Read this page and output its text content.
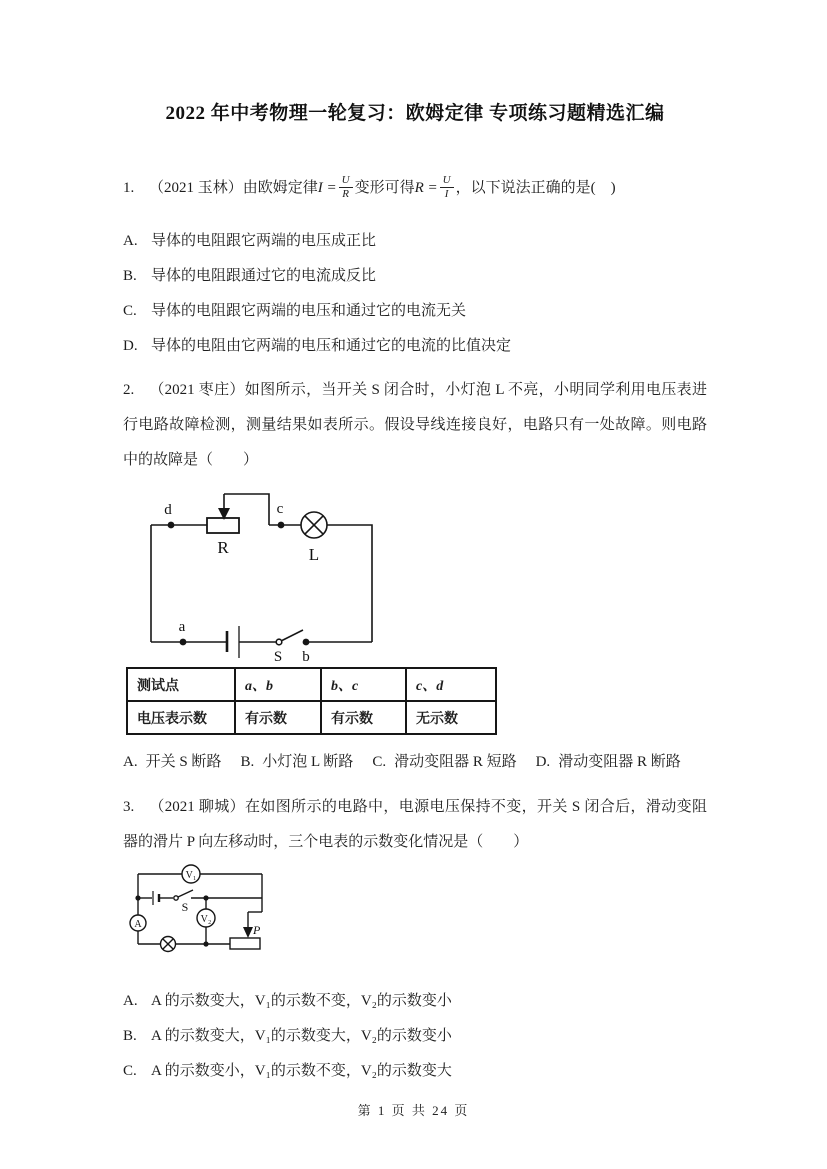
2022 年中考物理一轮复习：欧姆定律 专项练习题精选汇编

1. （2021 玉林）由欧姆定律$I = \frac{U}{R}$ 变形可得$R = \frac{U}{I}$ ，以下说法正确的是(　)

A. 导体的电阻跟它两端的电压成正比

B. 导体的电阻跟通过它的电流成反比

C. 导体的电阻跟它两端的电压和通过它的电流无关

D. 导体的电阻由它两端的电压和通过它的电流的比值决定

2. （2021 枣庄）如图所示，当开关 S 闭合时，小灯泡 L 不亮，小明同学利用电压表进行电路故障检测，测量结果如表所示。假设导线连接良好，电路只有一处故障。则电路中的故障是（　　）

d	c
R	L
a
S b
测试点	a、b	b、c	c、d
电压表示数	有示数	有示数	无示数
A. 开关 S 断路 B. 小灯泡 L 断路 C. 滑动变阻器 R 短路 D. 滑动变阻器 R 断路

3. （2021 聊城）在如图所示的电路中，电源电压保持不变，开关 S 闭合后，滑动变阻器的滑片 P 向左移动时，三个电表的示数变化情况是（　　）

V₁
A	V₂
S
P

A. A 的示数变大，V₁的示数不变，V₂的示数变小

B. A 的示数变大，V₁的示数变大，V₂的示数变小

C. A 的示数变小，V₁的示数不变，V₂的示数变大

第 1 页 共 24 页
